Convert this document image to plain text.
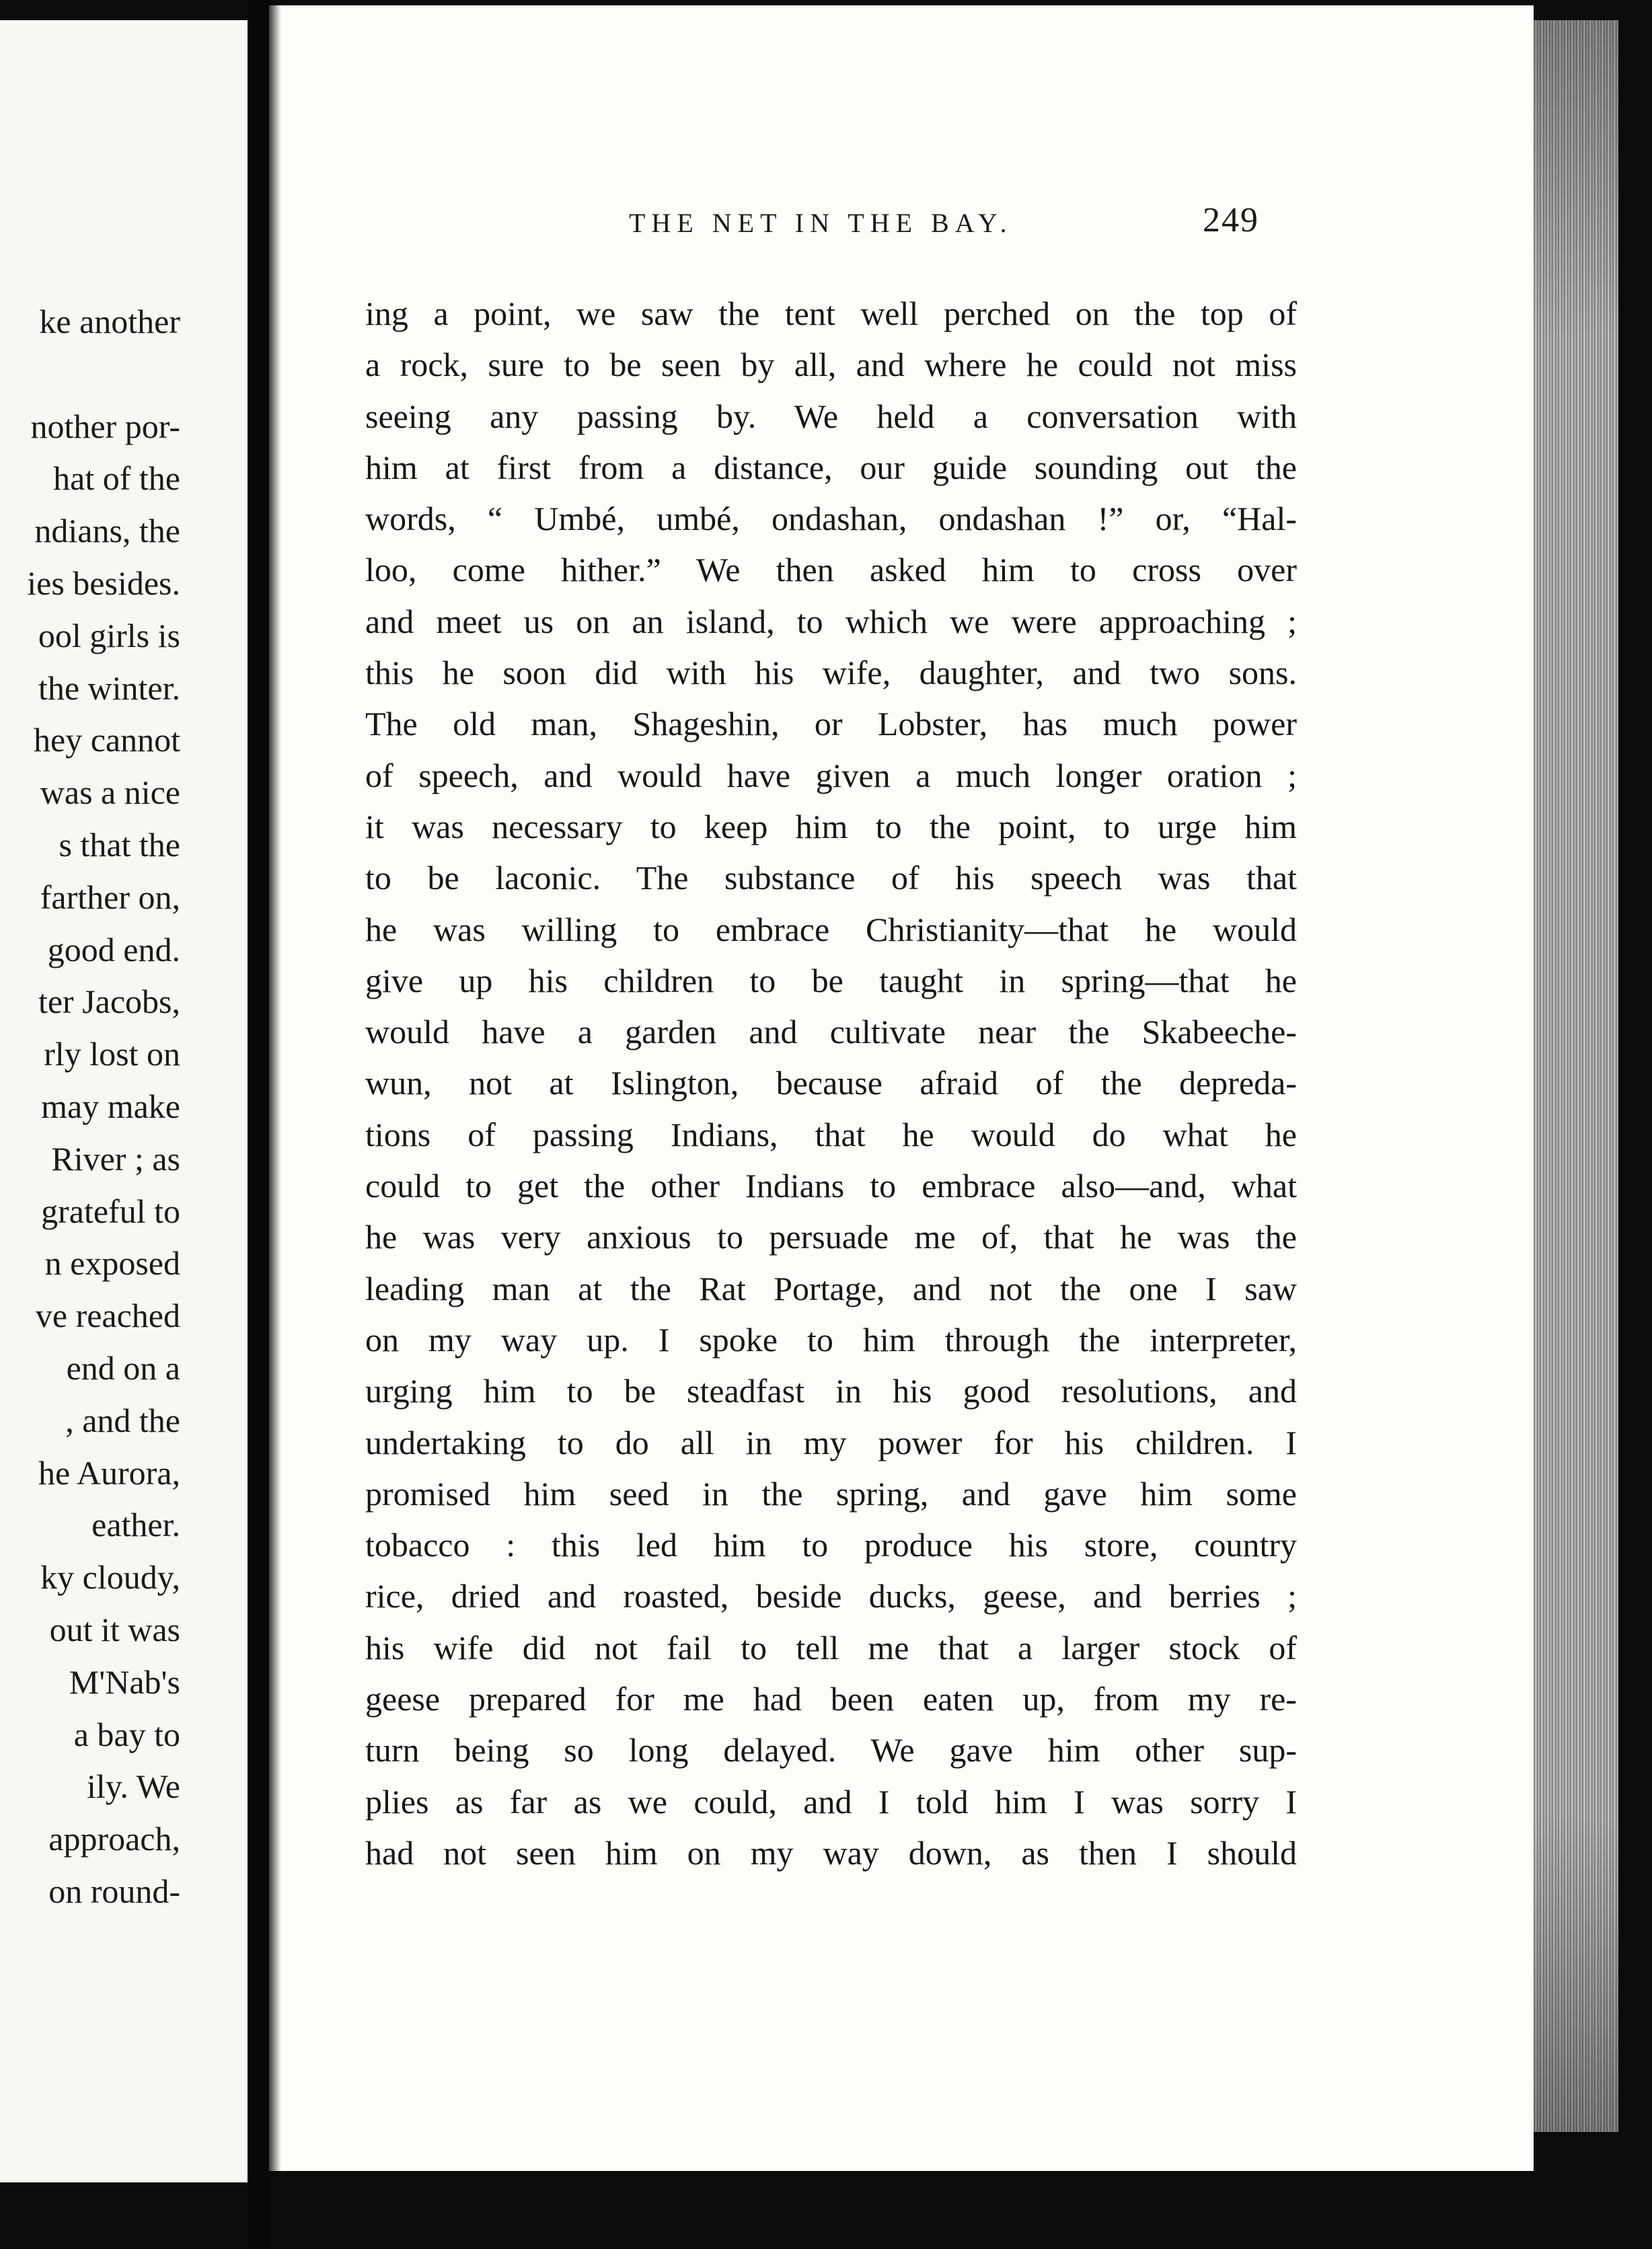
ke another
nother por-
hat of the
ndians, the
ies besides.
ool girls is
the winter.
hey cannot
was a nice
s that the
farther on,
good end.
ter Jacobs,
rly lost on
may make
River ; as
grateful to
n exposed
ve reached
end on a
, and the
he Aurora,
eather.
ky cloudy,
out it was
M'Nab's
a bay to
ily. We
approach,
on round-
THE NET IN THE BAY.	249
ing a point, we saw the tent well perched on the top of
a rock, sure to be seen by all, and where he could not miss
seeing any passing by. We held a conversation with
him at first from a distance, our guide sounding out the
words, “ Umbé, umbé, ondashan, ondashan !” or, “Hal-
loo, come hither.” We then asked him to cross over
and meet us on an island, to which we were approaching ;
this he soon did with his wife, daughter, and two sons.
The old man, Shageshin, or Lobster, has much power
of speech, and would have given a much longer oration ;
it was necessary to keep him to the point, to urge him
to be laconic. The substance of his speech was that
he was willing to embrace Christianity—that he would
give up his children to be taught in spring—that he
would have a garden and cultivate near the Skabeeche-
wun, not at Islington, because afraid of the depreda-
tions of passing Indians, that he would do what he
could to get the other Indians to embrace also—and, what
he was very anxious to persuade me of, that he was the
leading man at the Rat Portage, and not the one I saw
on my way up. I spoke to him through the interpreter,
urging him to be steadfast in his good resolutions, and
undertaking to do all in my power for his children. I
promised him seed in the spring, and gave him some
tobacco : this led him to produce his store, country
rice, dried and roasted, beside ducks, geese, and berries ;
his wife did not fail to tell me that a larger stock of
geese prepared for me had been eaten up, from my re-
turn being so long delayed. We gave him other sup-
plies as far as we could, and I told him I was sorry I
had not seen him on my way down, as then I should
